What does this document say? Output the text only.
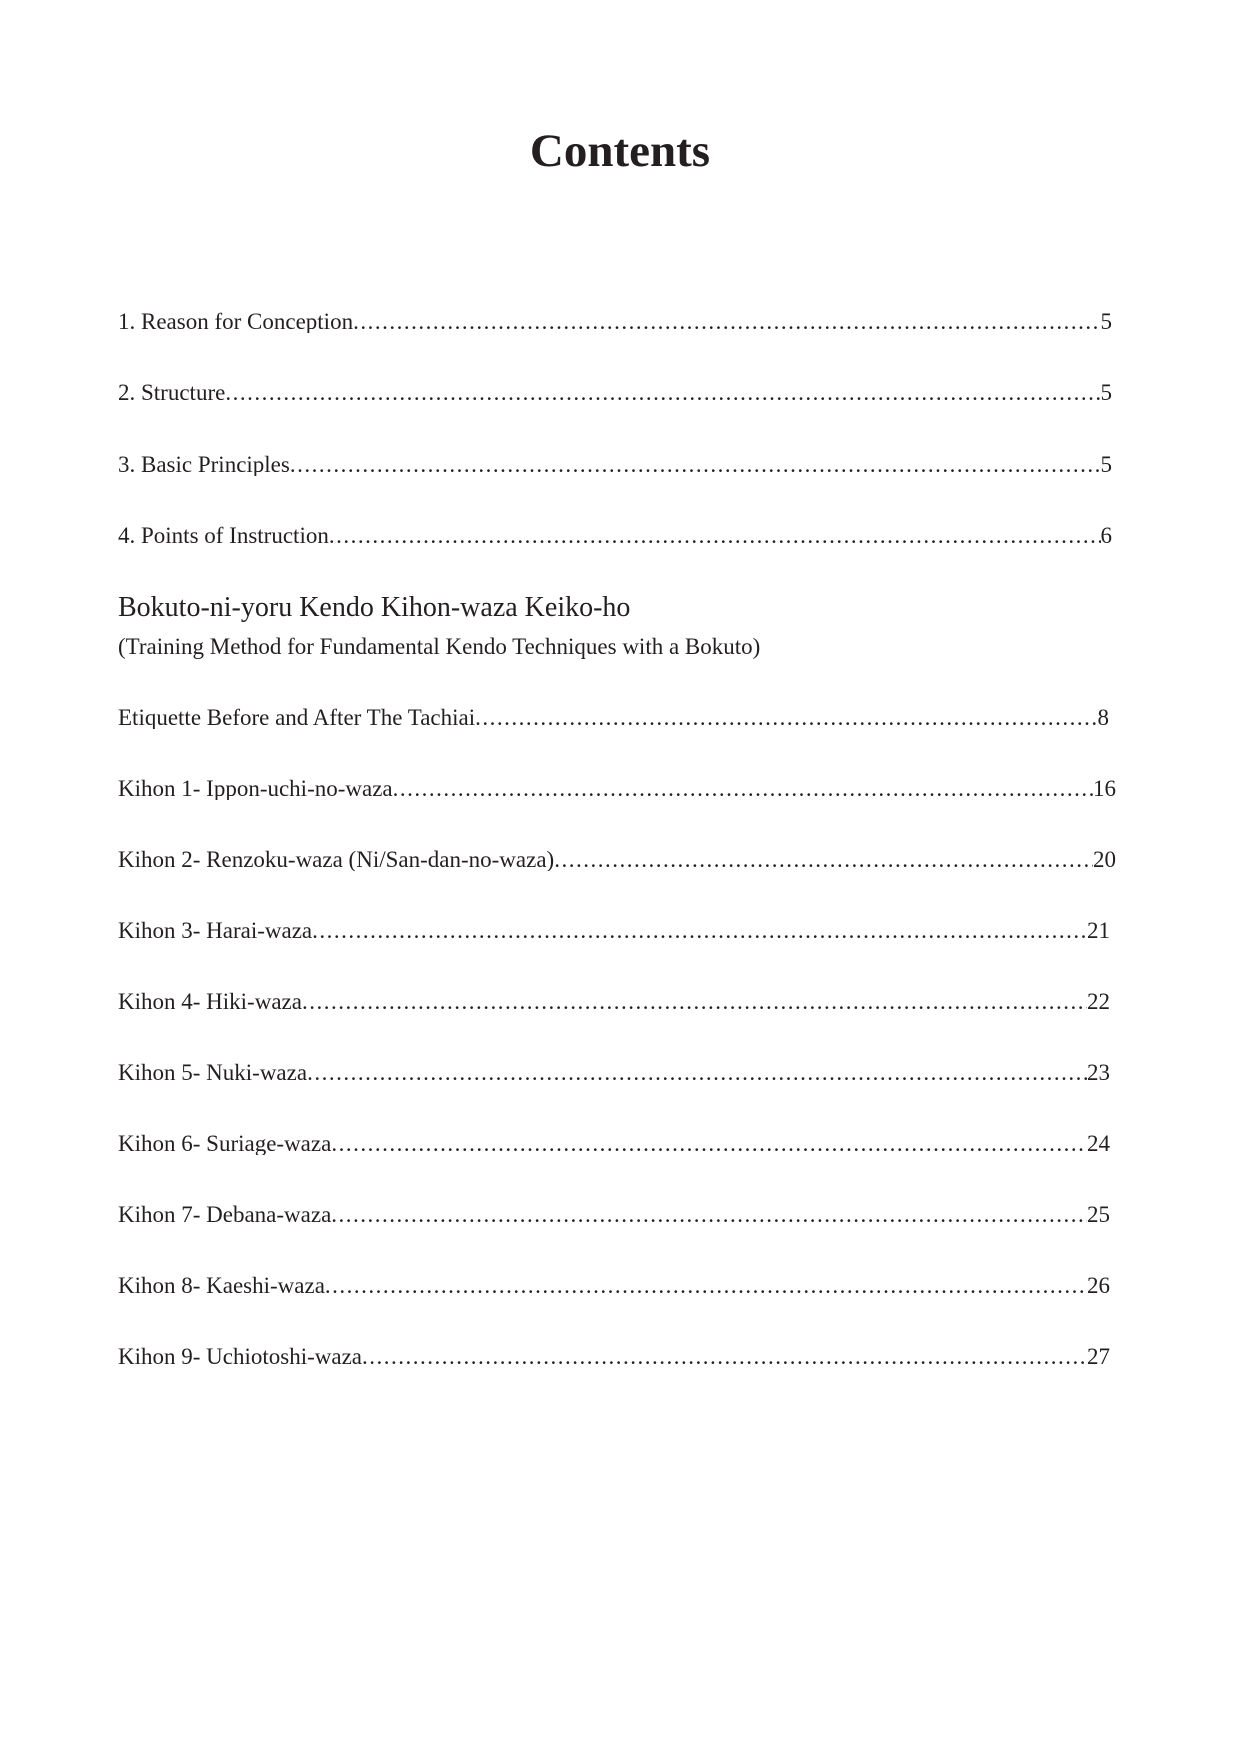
Contents
1. Reason for Conception .....	5
2. Structure .....	5
3. Basic Principles .....	5
4. Points of Instruction .....	6
Bokuto-ni-yoru Kendo Kihon-waza Keiko-ho

(Training Method for Fundamental Kendo Techniques with a Bokuto)

Etiquette Before and After The Tachiai .....	8
Kihon 1- Ippon-uchi-no-waza .....	16
Kihon 2- Renzoku-waza (Ni/San-dan-no-waza) .....	20
Kihon 3- Harai-waza .....	21
Kihon 4- Hiki-waza .....	22
Kihon 5- Nuki-waza .....	23
Kihon 6- Suriage-waza .....	24
Kihon 7- Debana-waza .....	25
Kihon 8- Kaeshi-waza .....	26
Kihon 9- Uchiotoshi-waza .....	27
